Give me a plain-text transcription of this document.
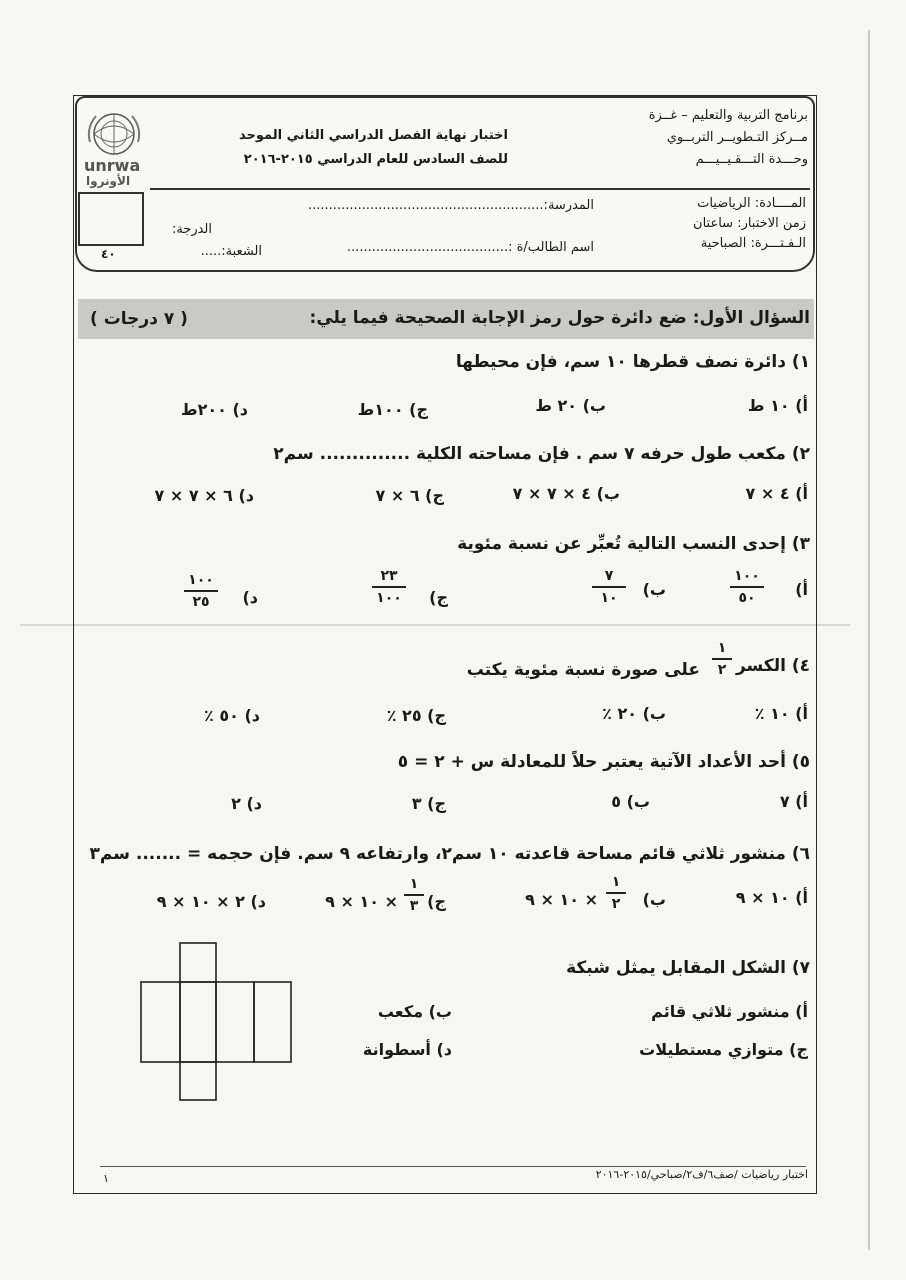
unrwa
الأونروا
برنامج التربية والتعليم – غــزة
مــركز التـطويــر التربــوي
وحـــدة التـــقـيــيـــم
اختبار نهاية الفصل الدراسي الثاني الموحد
للصف السادس للعام الدراسي ٢٠١٥-٢٠١٦
المــــادة: الرياضيات
زمن الاختبار: ساعتان
الـفـتـــرة: الصباحية
المدرسة:.........................................................
اسم الطالب/ة :.......................................
الشعبة:.....
الدرجة:
٤٠
السؤال الأول: ضع دائرة حول رمز الإجابة الصحيحة فيما يلي:
( ٧ درجات )
١) دائرة نصف قطرها ١٠ سم، فإن محيطها
أ) ١٠ ط
ب) ٢٠ ط
ج) ١٠٠ط
د) ٢٠٠ط
٢) مكعب طول حرفه ٧ سم . فإن مساحته الكلية .............. سم٢
أ) ٤ × ٧
ب) ٤ × ٧ × ٧
ج) ٦ × ٧
د) ٦ × ٧ × ٧
٣) إحدى النسب التالية تُعبِّر عن نسبة مئوية
أ)
١٠٠
٥٠
ب)
٧
١٠
ج)
٢٣
١٠٠
د)
١٠٠
٢٥
٤) الكسر
١
٢
على صورة نسبة مئوية يكتب
أ) ١٠ ٪
ب) ٢٠ ٪
ج) ٢٥ ٪
د) ٥٠ ٪
٥) أحد الأعداد الآتية يعتبر حلاً للمعادلة س + ٢ = ٥
أ) ٧
ب) ٥
ج) ٣
د) ٢
٦) منشور ثلاثي قائم مساحة قاعدته ١٠ سم٢، وارتفاعه ٩ سم. فإن حجمه = ....... سم٣
أ) ١٠ × ٩
ب)
١
٢
× ١٠ × ٩
ج)
١
٣
× ١٠ × ٩
د) ٢ × ١٠ × ٩
٧) الشكل المقابل يمثل شبكة
أ) منشور ثلاثي قائم
ب) مكعب
ج) متوازي مستطيلات
د) أسطوانة
اختبار رياضيات /صف٦/ف٢/صباحي/٢٠١٥-٢٠١٦
١
